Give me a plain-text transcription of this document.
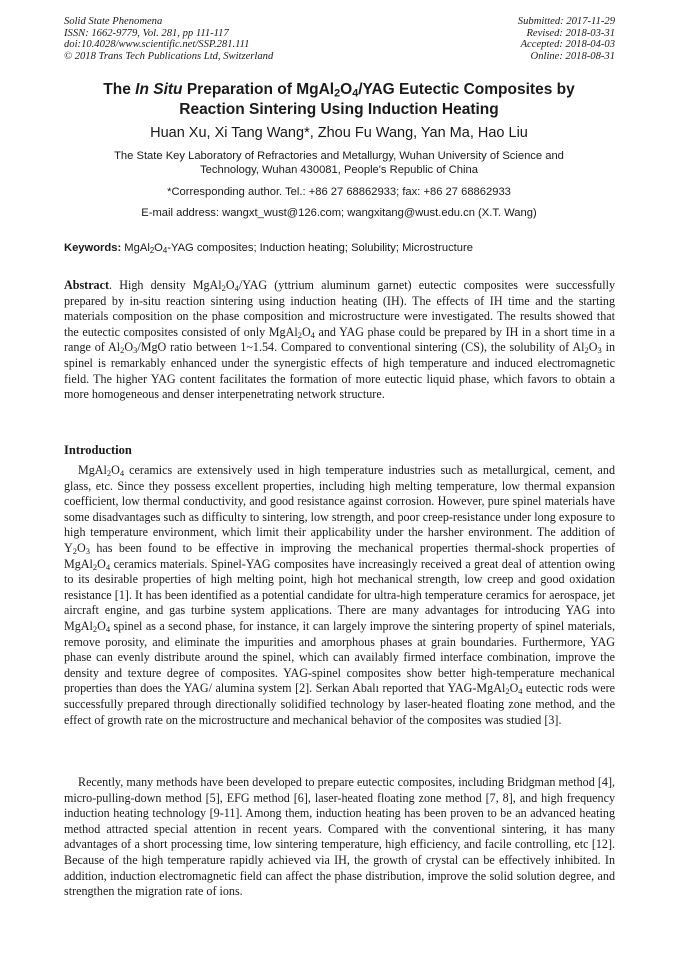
Solid State Phenomena
ISSN: 1662-9779, Vol. 281, pp 111-117
doi:10.4028/www.scientific.net/SSP.281.111
© 2018 Trans Tech Publications Ltd, Switzerland
Submitted: 2017-11-29
Revised: 2018-03-31
Accepted: 2018-04-03
Online: 2018-08-31
The In Situ Preparation of $MgAl_2O_4$/YAG Eutectic Composites by
Reaction Sintering Using Induction Heating
Huan Xu, Xi Tang Wang*, Zhou Fu Wang, Yan Ma, Hao Liu
The State Key Laboratory of Refractories and Metallurgy, Wuhan University of Science and
Technology, Wuhan 430081, People's Republic of China
*Corresponding author. Tel.: +86 27 68862933; fax: +86 27 68862933
E-mail address: wangxt_wust@126.com; wangxitang@wust.edu.cn (X.T. Wang)
Keywords: $MgAl_2O_4$-YAG composites; Induction heating; Solubility; Microstructure
Abstract. High density $MgAl_2O_4$/YAG (yttrium aluminum garnet) eutectic composites were successfully prepared by in-situ reaction sintering using induction heating (IH). The effects of IH time and the starting materials composition on the phase composition and microstructure were investigated. The results showed that the eutectic composites consisted of only $MgAl_2O_4$ and YAG phase could be prepared by IH in a short time in a range of $Al_2O_3$/MgO ratio between 1~1.54. Compared to conventional sintering (CS), the solubility of $Al_2O_3$ in spinel is remarkably enhanced under the synergistic effects of high temperature and induced electromagnetic field. The higher YAG content facilitates the formation of more eutectic liquid phase, which favors to obtain a more homogeneous and denser interpenetrating network structure.
Introduction
$MgAl_2O_4$ ceramics are extensively used in high temperature industries such as metallurgical, cement, and glass, etc. Since they possess excellent properties, including high melting temperature, low thermal expansion coefficient, low thermal conductivity, and good resistance against corrosion. However, pure spinel materials have some disadvantages such as difficulty to sintering, low strength, and poor creep-resistance under long exposure to high temperature environment, which limit their applicability under the harsher environment. The addition of $Y_2O_3$ has been found to be effective in improving the mechanical properties thermal-shock properties of $MgAl_2O_4$ ceramics materials. Spinel-YAG composites have increasingly received a great deal of attention owing to its desirable properties of high melting point, high hot mechanical strength, low creep and good oxidation resistance [1]. It has been identified as a potential candidate for ultra-high temperature ceramics for aerospace, jet aircraft engine, and gas turbine system applications. There are many advantages for introducing YAG into $MgAl_2O_4$ spinel as a second phase, for instance, it can largely improve the sintering property of spinel materials, remove porosity, and eliminate the impurities and amorphous phases at grain boundaries. Furthermore, YAG phase can evenly distribute around the spinel, which can availably firmed interface combination, improve the density and texture degree of composites. YAG-spinel composites show better high-temperature mechanical properties than does the YAG/ alumina system [2]. Serkan Abalı reported that YAG-$MgAl_2O_4$ eutectic rods were successfully prepared through directionally solidified technology by laser-heated floating zone method, and the effect of growth rate on the microstructure and mechanical behavior of the composites was studied [3].
Recently, many methods have been developed to prepare eutectic composites, including Bridgman method [4], micro-pulling-down method [5], EFG method [6], laser-heated floating zone method [7, 8], and high frequency induction heating technology [9-11]. Among them, induction heating has been proven to be an advanced heating method attracted special attention in recent years. Compared with the conventional sintering, it has many advantages of a short processing time, low sintering temperature, high efficiency, and facile controlling, etc [12]. Because of the high temperature rapidly achieved via IH, the growth of crystal can be effectively inhibited. In addition, induction electromagnetic field can affect the phase distribution, improve the solid solution degree, and strengthen the migration rate of ions.
